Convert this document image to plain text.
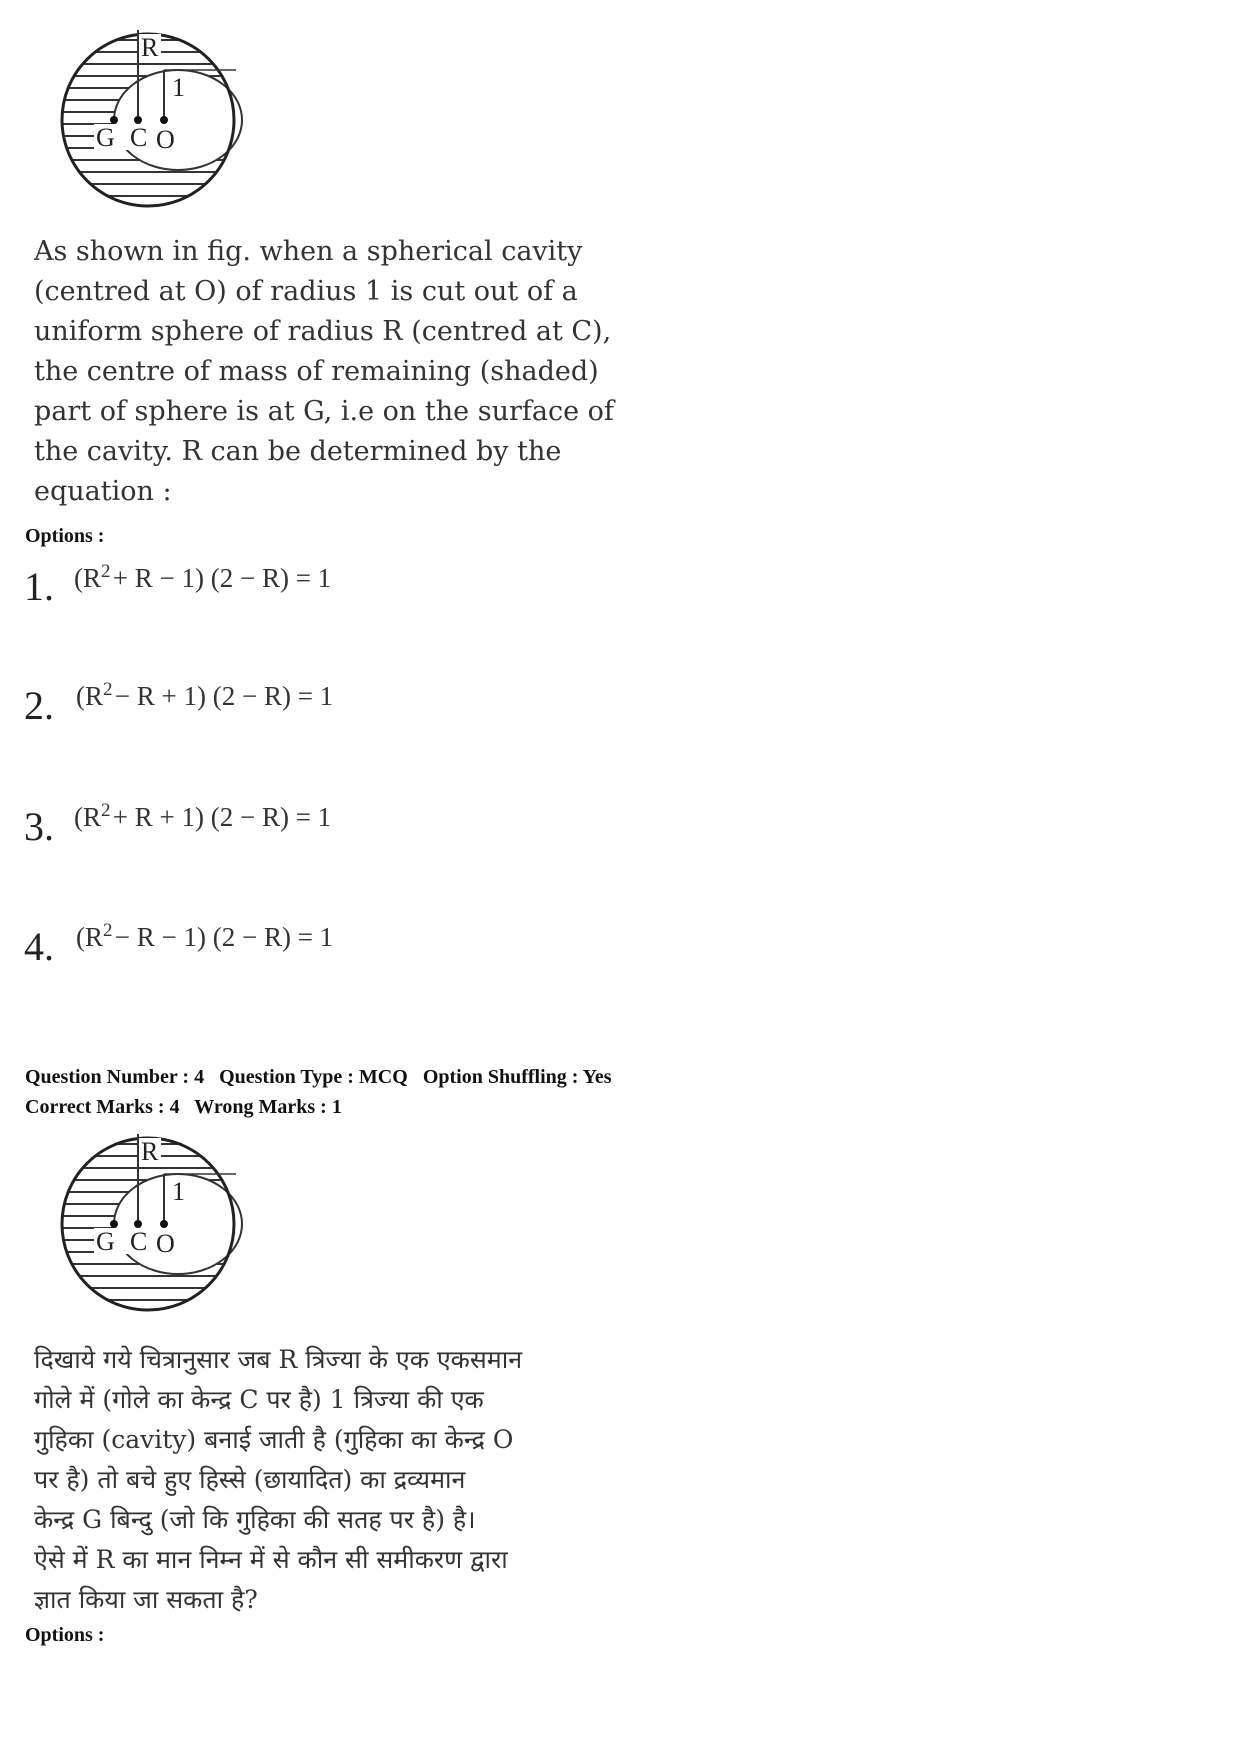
R
1
G C O
As shown in fig. when a spherical cavity
(centred at O) of radius 1 is cut out of a
uniform sphere of radius R (centred at C),
the centre of mass of remaining (shaded)
part of sphere is at G, i.e on the surface of
the cavity. R can be determined by the
equation :
Options :
1. ($R^2$ + R − 1) (2 − R) = 1
2. ($R^2$ − R + 1) (2 − R) = 1
3. ($R^2$ + R + 1) (2 − R) = 1
4. ($R^2$ − R − 1) (2 − R) = 1
Question Number : 4 Question Type : MCQ Option Shuffling : Yes
Correct Marks : 4 Wrong Marks : 1
R
1
G C O
दिखाये गये चित्रानुसार जब R त्रिज्या के एक एकसमान
गोले में (गोले का केन्द्र C पर है) 1 त्रिज्या की एक
गुहिका (cavity) बनाई जाती है (गुहिका का केन्द्र O
पर है) तो बचे हुए हिस्से (छायादित) का द्रव्यमान
केन्द्र G बिन्दु (जो कि गुहिका की सतह पर है) है।
ऐसे में R का मान निम्न में से कौन सी समीकरण द्वारा
ज्ञात किया जा सकता है?
Options :
